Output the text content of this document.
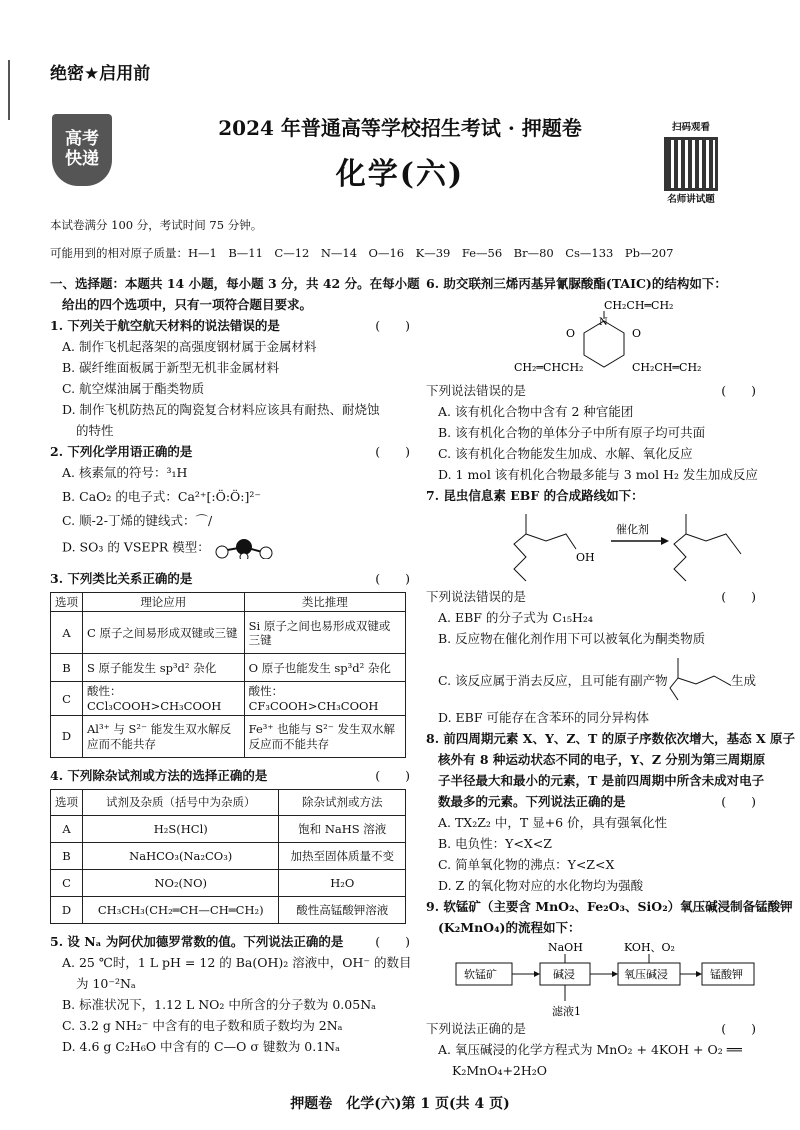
绝密★启用前
高考
快递
2024 年普通高等学校招生考试 · 押题卷
化学(六)
扫码观看
名师讲试题
本试卷满分 100 分，考试时间 75 分钟。
可能用到的相对原子质量：H—1　B—11　C—12　N—14　O—16　K—39　Fe—56　Br—80　Cs—133　Pb—207
一、选择题：本题共 14 小题，每小题 3 分，共 42 分。在每小题
给出的四个选项中，只有一项符合题目要求。
1. 下列关于航空航天材料的说法错误的是	(　　)
A. 制作飞机起落架的高强度钢材属于金属材料
B. 碳纤维面板属于新型无机非金属材料
C. 航空煤油属于酯类物质
D. 制作飞机防热瓦的陶瓷复合材料应该具有耐热、耐烧蚀
的特性
2. 下列化学用语正确的是	(　　)
A. 核素氚的符号：³₁H
B. CaO₂ 的电子式：Ca²⁺[:Ö:Ö:]²⁻
C. 顺-2-丁烯的键线式：⌒∕
D. SO₃ 的 VSEPR 模型：
3. 下列类比关系正确的是	(　　)
选项	理论应用	类比推理
A	C 原子之间易形成双键或三键	Si 原子之间也易形成双键或三键
B	S 原子能发生 sp³d² 杂化	O 原子也能发生 sp³d² 杂化
C	酸性：CCl₃COOH>CH₃COOH	酸性：CF₃COOH>CH₃COOH
D	Al³⁺ 与 S²⁻ 能发生双水解反应而不能共存	Fe³⁺ 也能与 S²⁻ 发生双水解反应而不能共存
4. 下列除杂试剂或方法的选择正确的是	(　　)
选项	试剂及杂质（括号中为杂质）	除杂试剂或方法
A	H₂S(HCl)	饱和 NaHS 溶液
B	NaHCO₃(Na₂CO₃)	加热至固体质量不变
C	NO₂(NO)	H₂O
D	CH₃CH₃(CH₂═CH—CH═CH₂)	酸性高锰酸钾溶液
5. 设 Nₐ 为阿伏加德罗常数的值。下列说法正确的是	(　　)
A. 25 ℃时，1 L pH = 12 的 Ba(OH)₂ 溶液中，OH⁻ 的数目
为 10⁻²Nₐ
B. 标准状况下，1.12 L NO₂ 中所含的分子数为 0.05Nₐ
C. 3.2 g NH₂⁻ 中含有的电子数和质子数均为 2Nₐ
D. 4.6 g C₂H₆O 中含有的 C—O σ 键数为 0.1Nₐ
6. 助交联剂三烯丙基异氰脲酸酯(TAIC)的结构如下：
CH₂CH═CH₂
O	O
N
CH₂═CHCH₂	CH₂CH═CH₂
下列说法错误的是	(　　)
A. 该有机化合物中含有 2 种官能团
B. 该有机化合物的单体分子中所有原子均可共面
C. 该有机化合物能发生加成、水解、氧化反应
D. 1 mol 该有机化合物最多能与 3 mol H₂ 发生加成反应
7. 昆虫信息素 EBF 的合成路线如下：
OH
催化剂
下列说法错误的是	(　　)
A. EBF 的分子式为 C₁₅H₂₄
B. 反应物在催化剂作用下可以被氧化为酮类物质
C. 该反应属于消去反应，且可能有副产物	生成
D. EBF 可能存在含苯环的同分异构体
8. 前四周期元素 X、Y、Z、T 的原子序数依次增大，基态 X 原子
核外有 8 种运动状态不同的电子，Y、Z 分别为第三周期原
子半径最大和最小的元素，T 是前四周期中所含未成对电子
数最多的元素。下列说法正确的是	(　　)
A. TX₂Z₂ 中，T 显+6 价，具有强氧化性
B. 电负性：Y<X<Z
C. 简单氧化物的沸点：Y<Z<X
D. Z 的氧化物对应的水化物均为强酸
9. 软锰矿（主要含 MnO₂、Fe₂O₃、SiO₂）氧压碱浸制备锰酸钾
(K₂MnO₄)的流程如下：
软锰矿	碱浸
NaOH
氧压碱浸
KOH、O₂
锰酸钾
滤液1
下列说法正确的是	(　　)
A. 氧压碱浸的化学方程式为 MnO₂ + 4KOH + O₂ ══
K₂MnO₄+2H₂O
押题卷　化学(六)第 1 页(共 4 页)
